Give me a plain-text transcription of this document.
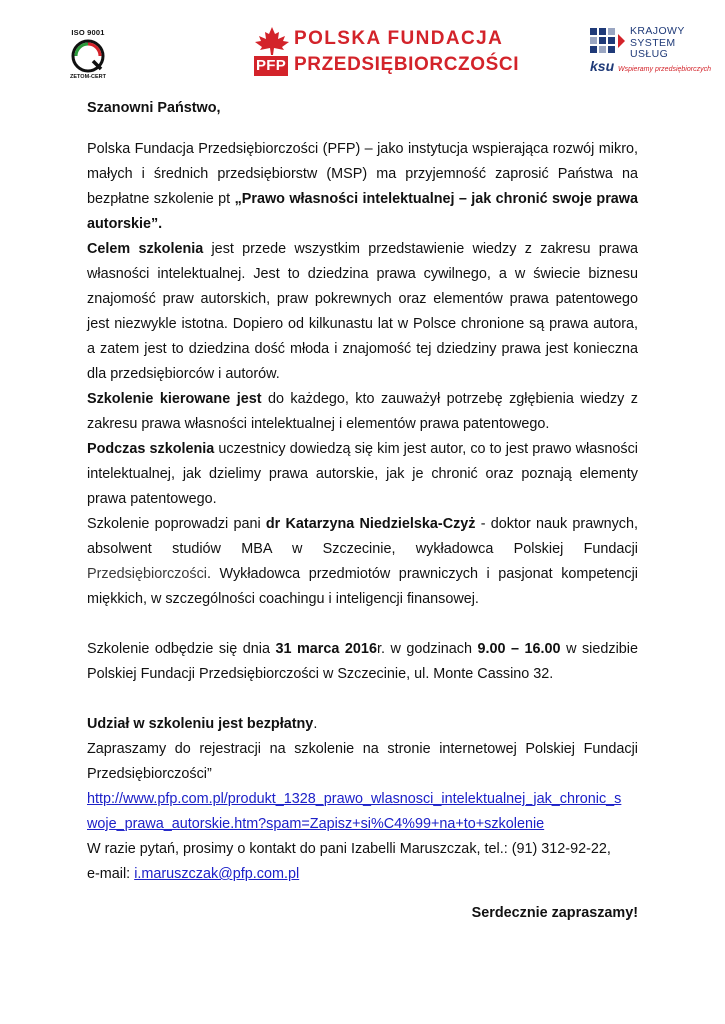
ISO 9001
ZETOM-CERT
PFP
POLSKA FUNDACJA
PRZEDSIĘBIORCZOŚCI
KRAJOWY
SYSTEM
USŁUG
ksu Wspieramy przedsiębiorczych

Szanowni Państwo,

Polska Fundacja Przedsiębiorczości (PFP) – jako instytucja wspierająca rozwój mikro, małych i średnich przedsiębiorstw (MSP) ma przyjemność zaprosić Państwa na bezpłatne szkolenie pt „Prawo własności intelektualnej – jak chronić swoje prawa autorskie”.

Celem szkolenia jest przede wszystkim przedstawienie wiedzy z zakresu prawa własności intelektualnej. Jest to dziedzina prawa cywilnego, a w świecie biznesu znajomość praw autorskich, praw pokrewnych oraz elementów prawa patentowego jest niezwykle istotna. Dopiero od kilkunastu lat w Polsce chronione są prawa autora, a zatem jest to dziedzina dość młoda i znajomość tej dziedziny prawa jest konieczna dla przedsiębiorców i autorów.

Szkolenie kierowane jest do każdego, kto zauważył potrzebę zgłębienia wiedzy z zakresu prawa własności intelektualnej i elementów prawa patentowego.

Podczas szkolenia uczestnicy dowiedzą się kim jest autor, co to jest prawo własności intelektualnej, jak dzielimy prawa autorskie, jak je chronić oraz poznają elementy prawa patentowego.

Szkolenie poprowadzi pani dr Katarzyna Niedzielska-Czyż - doktor nauk prawnych, absolwent studiów MBA w Szczecinie, wykładowca Polskiej Fundacji Przedsiębiorczości. Wykładowca przedmiotów prawniczych i pasjonat kompetencji miękkich, w szczególności coachingu i inteligencji finansowej.

Szkolenie odbędzie się dnia 31 marca 2016r. w godzinach 9.00 – 16.00 w siedzibie Polskiej Fundacji Przedsiębiorczości w Szczecinie, ul. Monte Cassino 32.

Udział w szkoleniu jest bezpłatny.

Zapraszamy do rejestracji na szkolenie na stronie internetowej Polskiej Fundacji Przedsiębiorczości”

http://www.pfp.com.pl/produkt_1328_prawo_wlasnosci_intelektualnej_jak_chronic_s
woje_prawa_autorskie.htm?spam=Zapisz+si%C4%99+na+to+szkolenie

W razie pytań, prosimy o kontakt do pani Izabelli Maruszczak, tel.: (91) 312-92-22,

e-mail: i.maruszczak@pfp.com.pl

Serdecznie zapraszamy!
